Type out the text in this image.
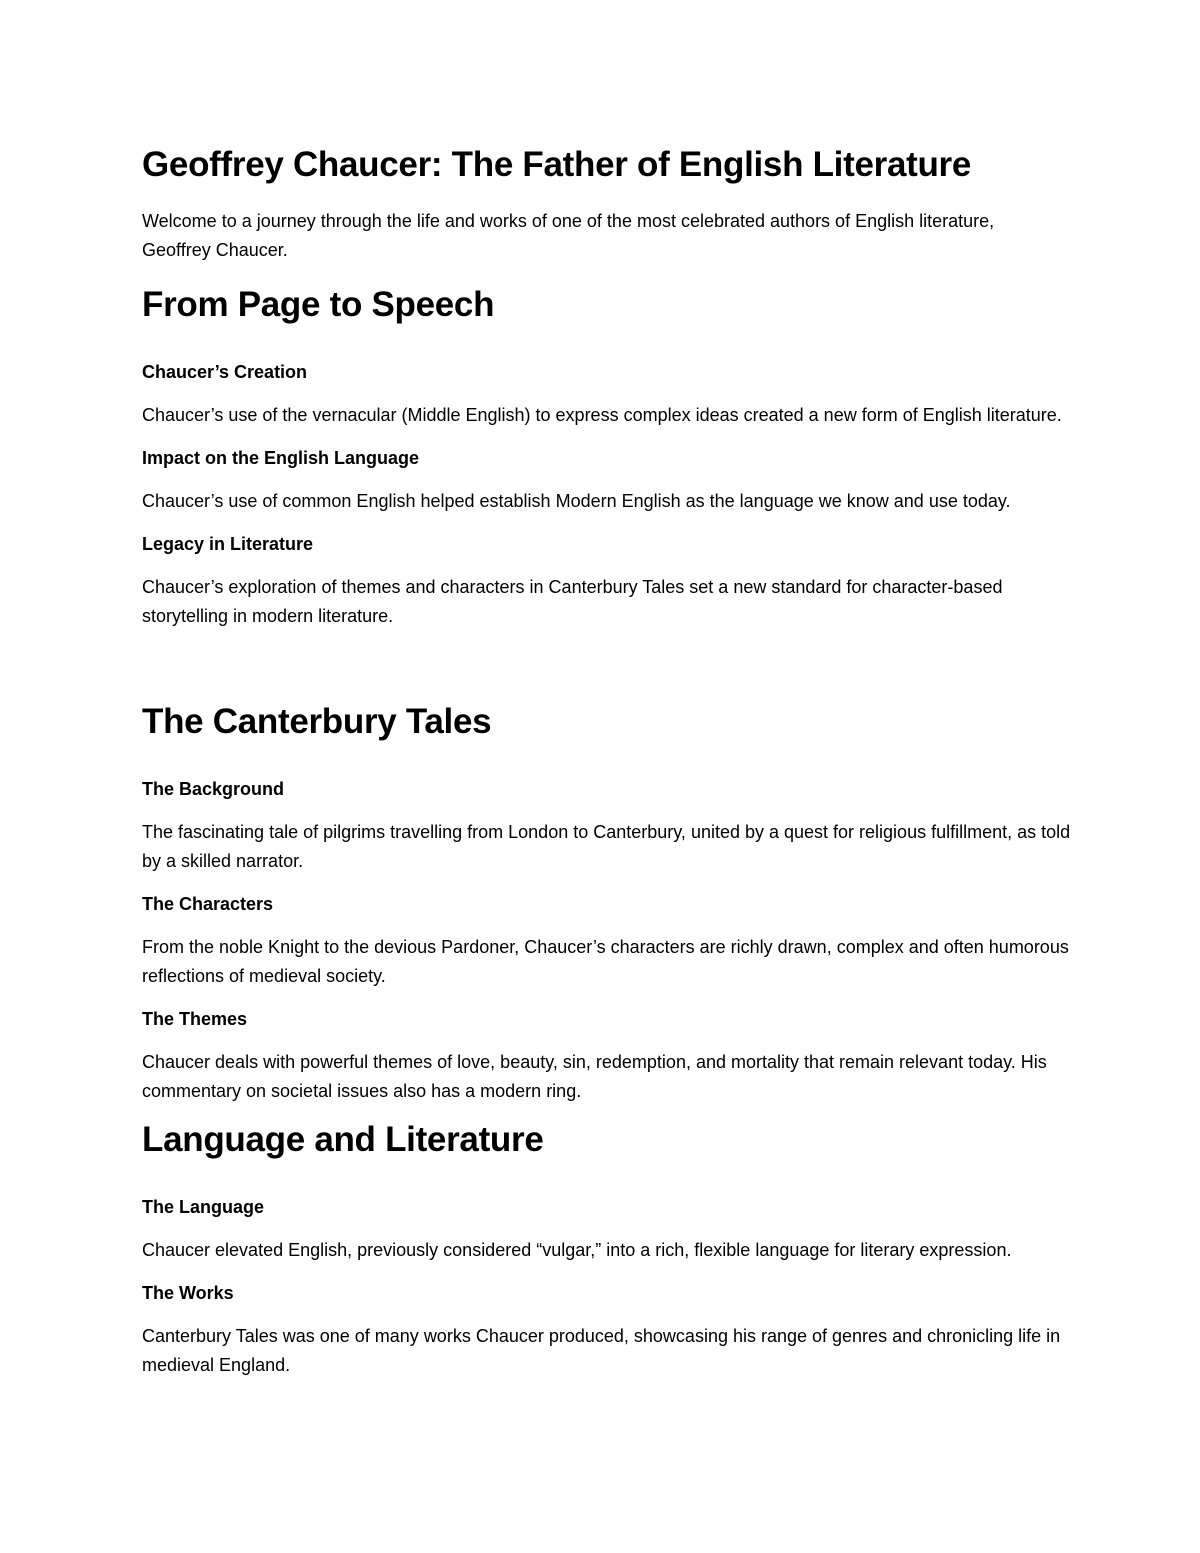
Geoffrey Chaucer: The Father of English Literature

Welcome to a journey through the life and works of one of the most celebrated authors of English literature, Geoffrey Chaucer.

From Page to Speech

Chaucer’s Creation

Chaucer’s use of the vernacular (Middle English) to express complex ideas created a new form of English literature.

Impact on the English Language

Chaucer’s use of common English helped establish Modern English as the language we know and use today.

Legacy in Literature

Chaucer’s exploration of themes and characters in Canterbury Tales set a new standard for character-based storytelling in modern literature.

The Canterbury Tales

The Background

The fascinating tale of pilgrims travelling from London to Canterbury, united by a quest for religious fulfillment, as told by a skilled narrator.

The Characters

From the noble Knight to the devious Pardoner, Chaucer’s characters are richly drawn, complex and often humorous reflections of medieval society.

The Themes

Chaucer deals with powerful themes of love, beauty, sin, redemption, and mortality that remain relevant today. His commentary on societal issues also has a modern ring.

Language and Literature

The Language

Chaucer elevated English, previously considered “vulgar,” into a rich, flexible language for literary expression.

The Works

Canterbury Tales was one of many works Chaucer produced, showcasing his range of genres and chronicling life in medieval England.
